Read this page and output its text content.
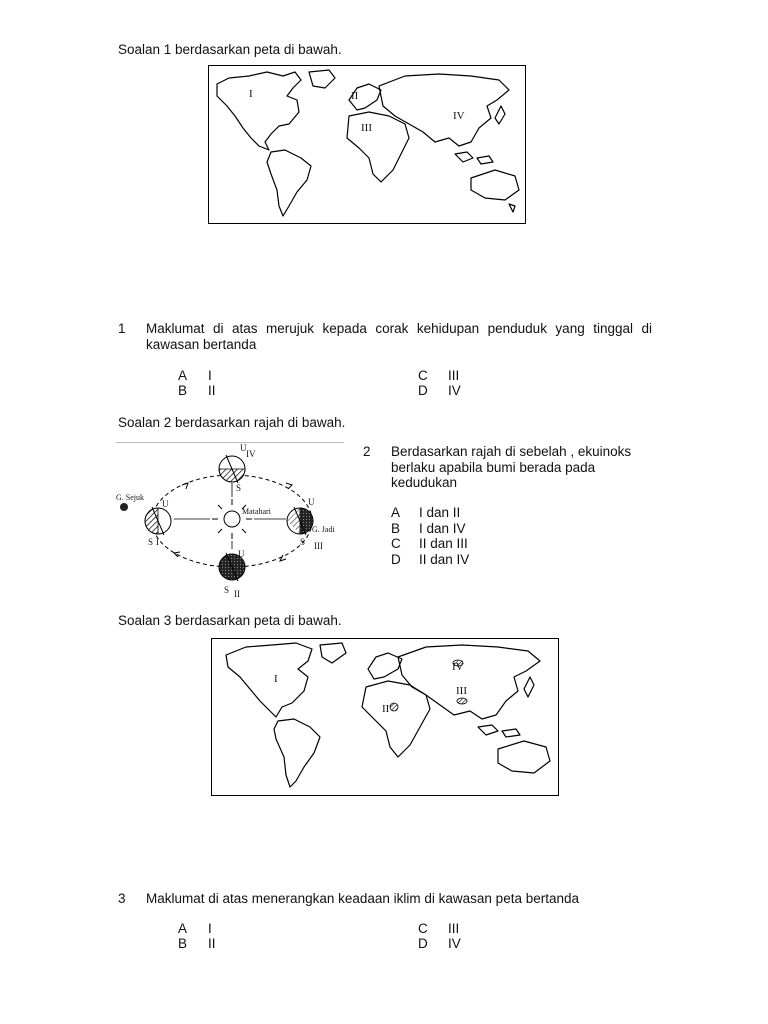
Soalan 1 berdasarkan peta di bawah.
I	II
III
IV
1 Maklumat di atas merujuk kepada corak kehidupan penduduk yang tinggal di kawasan bertanda
A I
B II
C III
D IV
Soalan 2 berdasarkan rajah di bawah.
U
IV
S
G. Sejuk
U
S I
Matahari
U
G. Jadi
S III
U
S II
2 Berdasarkan rajah di sebelah , ekuinoks
berlaku apabila bumi berada pada
kedudukan
A I dan II
B I dan IV
C II dan III
D II dan IV
Soalan 3 berdasarkan peta di bawah.
I
II
III
IV
3 Maklumat di atas menerangkan keadaan iklim di kawasan peta bertanda
A I
B II
C III
D IV
